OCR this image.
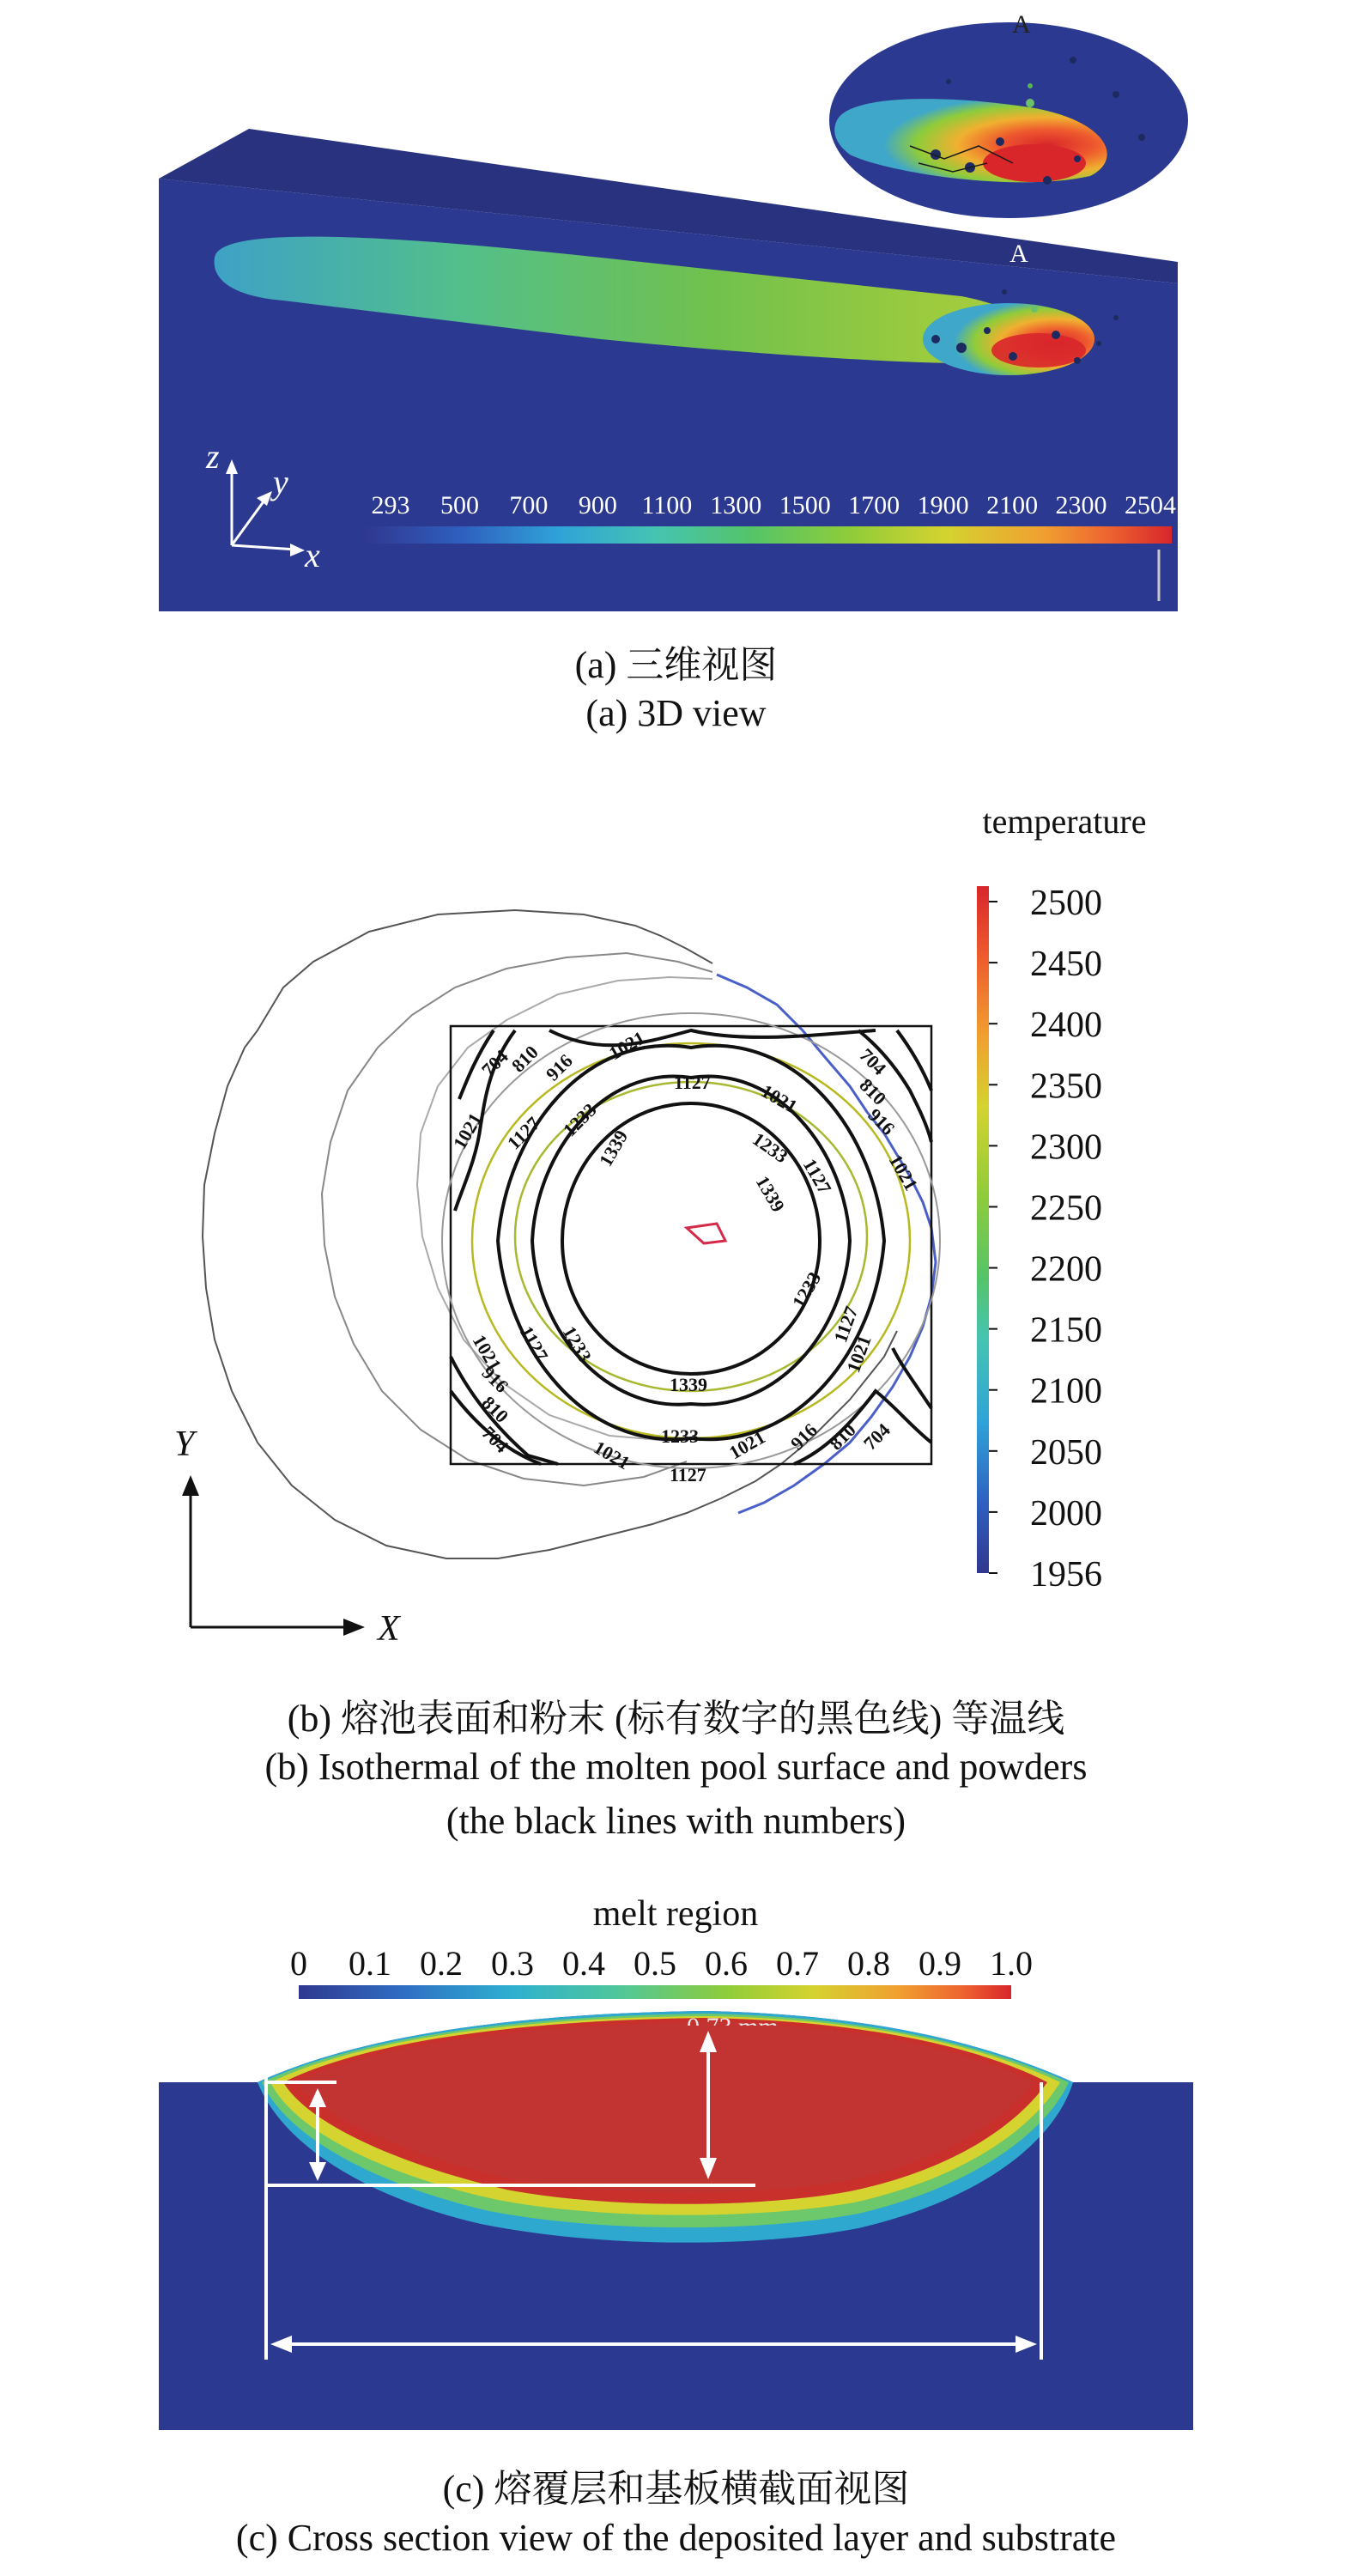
A
A
z
y
x
293 500 700 900 1100 1300 1500 1700 1900 2100 2300 2504
(a) 三维视图
(a) 3D view
704
810
916
1021
1127 1021
704
810
916
1021
1021 1127 1233
1233
1339
1339 1127
1233
1127
1021
1339
1233
1127
1021 1127 1233
916
810
704	1021	1021 916 810
704
Y
X
temperature
2500
2450
2400
2350
2300
2250
2200
2150
2100
2050
2000
1956
(b) 熔池表面和粉末 (标有数字的黑色线) 等温线
(b) Isothermal of the molten pool surface and powders
(the black lines with numbers)
melt region
0 0.1 0.2 0.3 0.4 0.5 0.6 0.7 0.8 0.9 1.0
(c) 熔覆层和基板横截面视图
(c) Cross section view of the deposited layer and substrate
